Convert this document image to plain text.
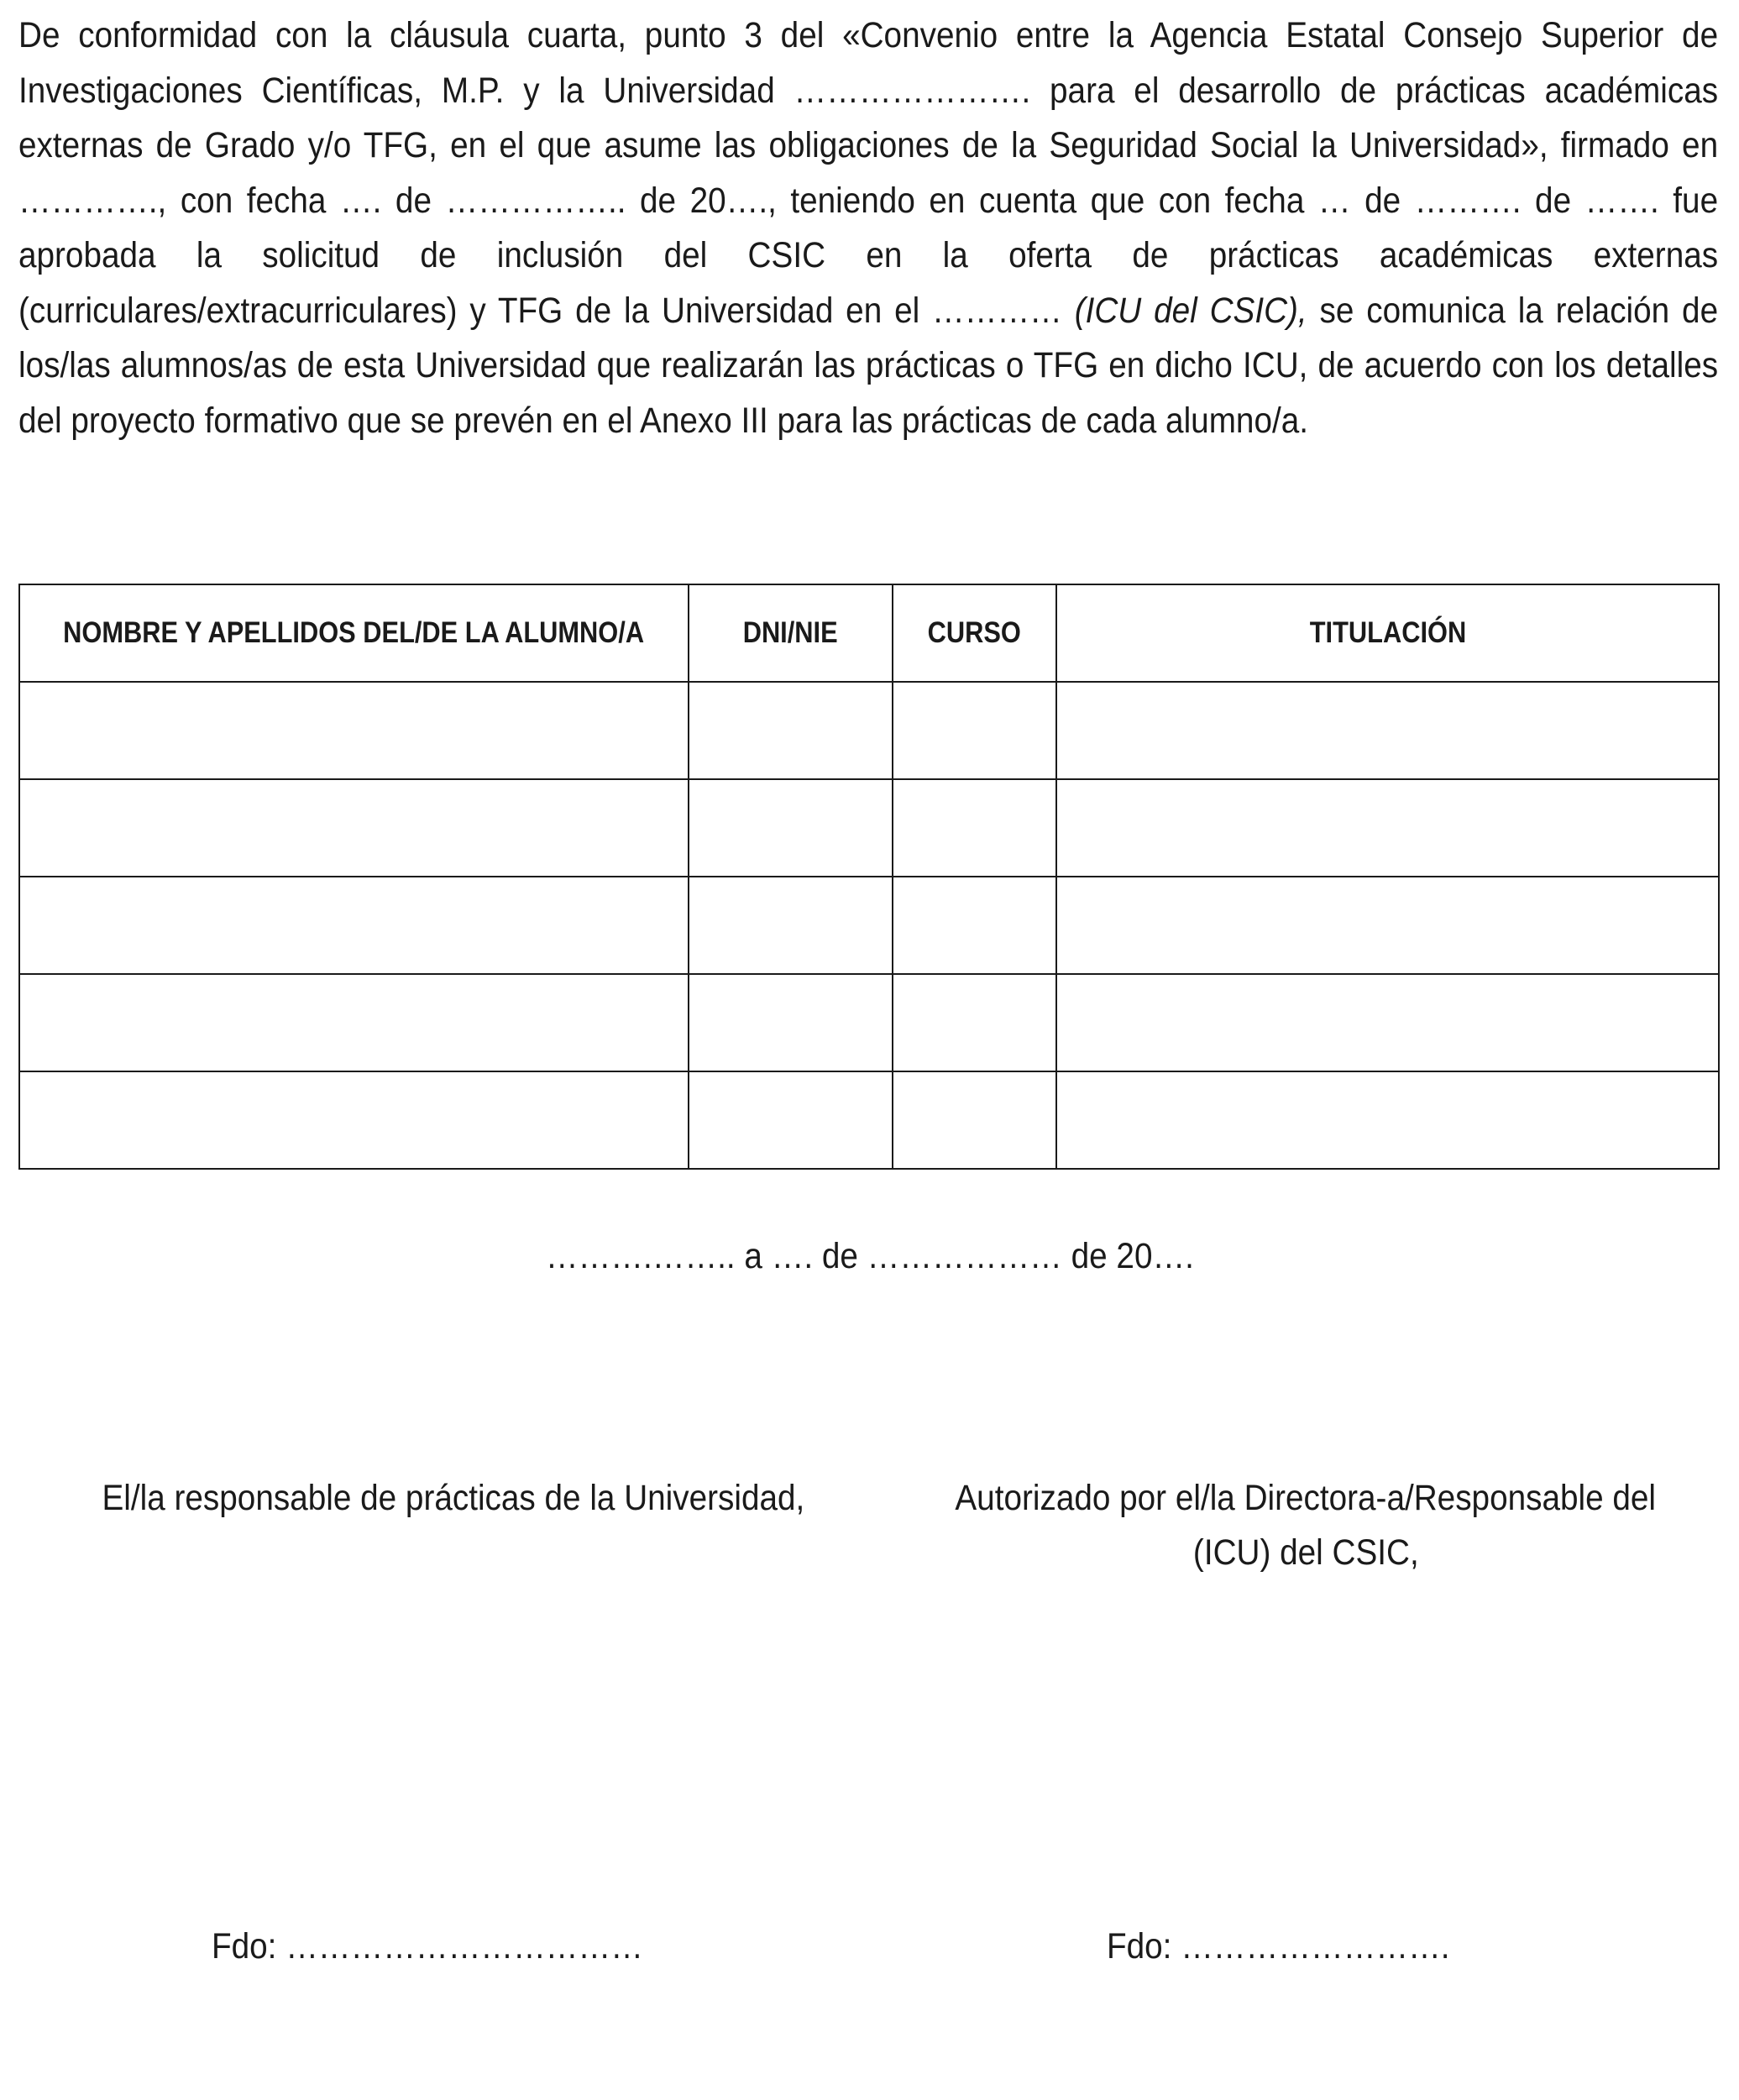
De conformidad con la cláusula cuarta, punto 3 del «Convenio entre la Agencia Estatal Consejo Superior de Investigaciones Científicas, M.P. y la Universidad …………………. para el desarrollo de prácticas académicas externas de Grado y/o TFG, en el que asume las obligaciones de la Seguridad Social la Universidad», firmado en …………., con fecha …. de …………….. de 20…., teniendo en cuenta que con fecha … de ………. de ……. fue aprobada la solicitud de inclusión del CSIC en la oferta de prácticas académicas externas (curriculares/extracurriculares) y TFG de la Universidad en el ………… (ICU del CSIC), se comunica la relación de los/las alumnos/as de esta Universidad que realizarán las prácticas o TFG en dicho ICU, de acuerdo con los detalles del proyecto formativo que se prevén en el Anexo III para las prácticas de cada alumno/a.
NOMBRE Y APELLIDOS DEL/DE LA ALUMNO/A	DNI/NIE	CURSO	TITULACIÓN

……….…….. a …. de ……………… de 20….
El/la responsable de prácticas de la Universidad,	Autorizado por el/la Directora-a/Responsable del
(ICU) del CSIC,
Fdo: ……………………………	Fdo: …………………….
